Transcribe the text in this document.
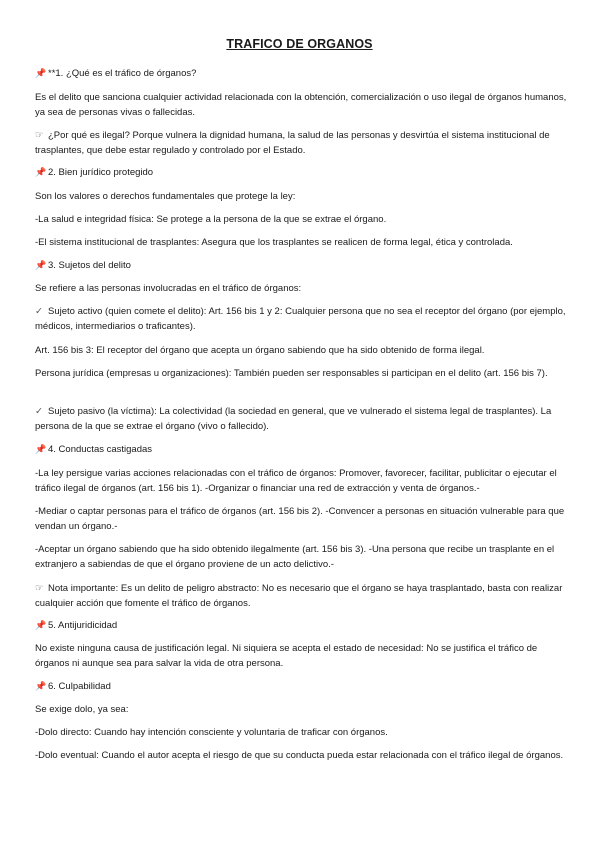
TRAFICO DE ORGANOS

📌 **1. ¿Qué es el tráfico de órganos?

Es el delito que sanciona cualquier actividad relacionada con la obtención, comercialización o uso ilegal de órganos humanos, ya sea de personas vivas o fallecidas.

☞ ¿Por qué es ilegal? Porque vulnera la dignidad humana, la salud de las personas y desvirtúa el sistema institucional de trasplantes, que debe estar regulado y controlado por el Estado.

📌 2. Bien jurídico protegido

Son los valores o derechos fundamentales que protege la ley:

-La salud e integridad física: Se protege a la persona de la que se extrae el órgano.

-El sistema institucional de trasplantes: Asegura que los trasplantes se realicen de forma legal, ética y controlada.

📌 3. Sujetos del delito

Se refiere a las personas involucradas en el tráfico de órganos:

✓ Sujeto activo (quien comete el delito): Art. 156 bis 1 y 2: Cualquier persona que no sea el receptor del órgano (por ejemplo, médicos, intermediarios o traficantes).

Art. 156 bis 3: El receptor del órgano que acepta un órgano sabiendo que ha sido obtenido de forma ilegal.

Persona jurídica (empresas u organizaciones): También pueden ser responsables si participan en el delito (art. 156 bis 7).

✓ Sujeto pasivo (la víctima): La colectividad (la sociedad en general, que ve vulnerado el sistema legal de trasplantes). La persona de la que se extrae el órgano (vivo o fallecido).

📌 4. Conductas castigadas

-La ley persigue varias acciones relacionadas con el tráfico de órganos: Promover, favorecer, facilitar, publicitar o ejecutar el tráfico ilegal de órganos (art. 156 bis 1). -Organizar o financiar una red de extracción y venta de órganos.-

-Mediar o captar personas para el tráfico de órganos (art. 156 bis 2). -Convencer a personas en situación vulnerable para que vendan un órgano.-

-Aceptar un órgano sabiendo que ha sido obtenido ilegalmente (art. 156 bis 3). -Una persona que recibe un trasplante en el extranjero a sabiendas de que el órgano proviene de un acto delictivo.-

☞ Nota importante: Es un delito de peligro abstracto: No es necesario que el órgano se haya trasplantado, basta con realizar cualquier acción que fomente el tráfico de órganos.

📌 5. Antijuridicidad

No existe ninguna causa de justificación legal. Ni siquiera se acepta el estado de necesidad: No se justifica el tráfico de órganos ni aunque sea para salvar la vida de otra persona.

📌 6. Culpabilidad

Se exige dolo, ya sea:

-Dolo directo: Cuando hay intención consciente y voluntaria de traficar con órganos.

-Dolo eventual: Cuando el autor acepta el riesgo de que su conducta pueda estar relacionada con el tráfico ilegal de órganos.
